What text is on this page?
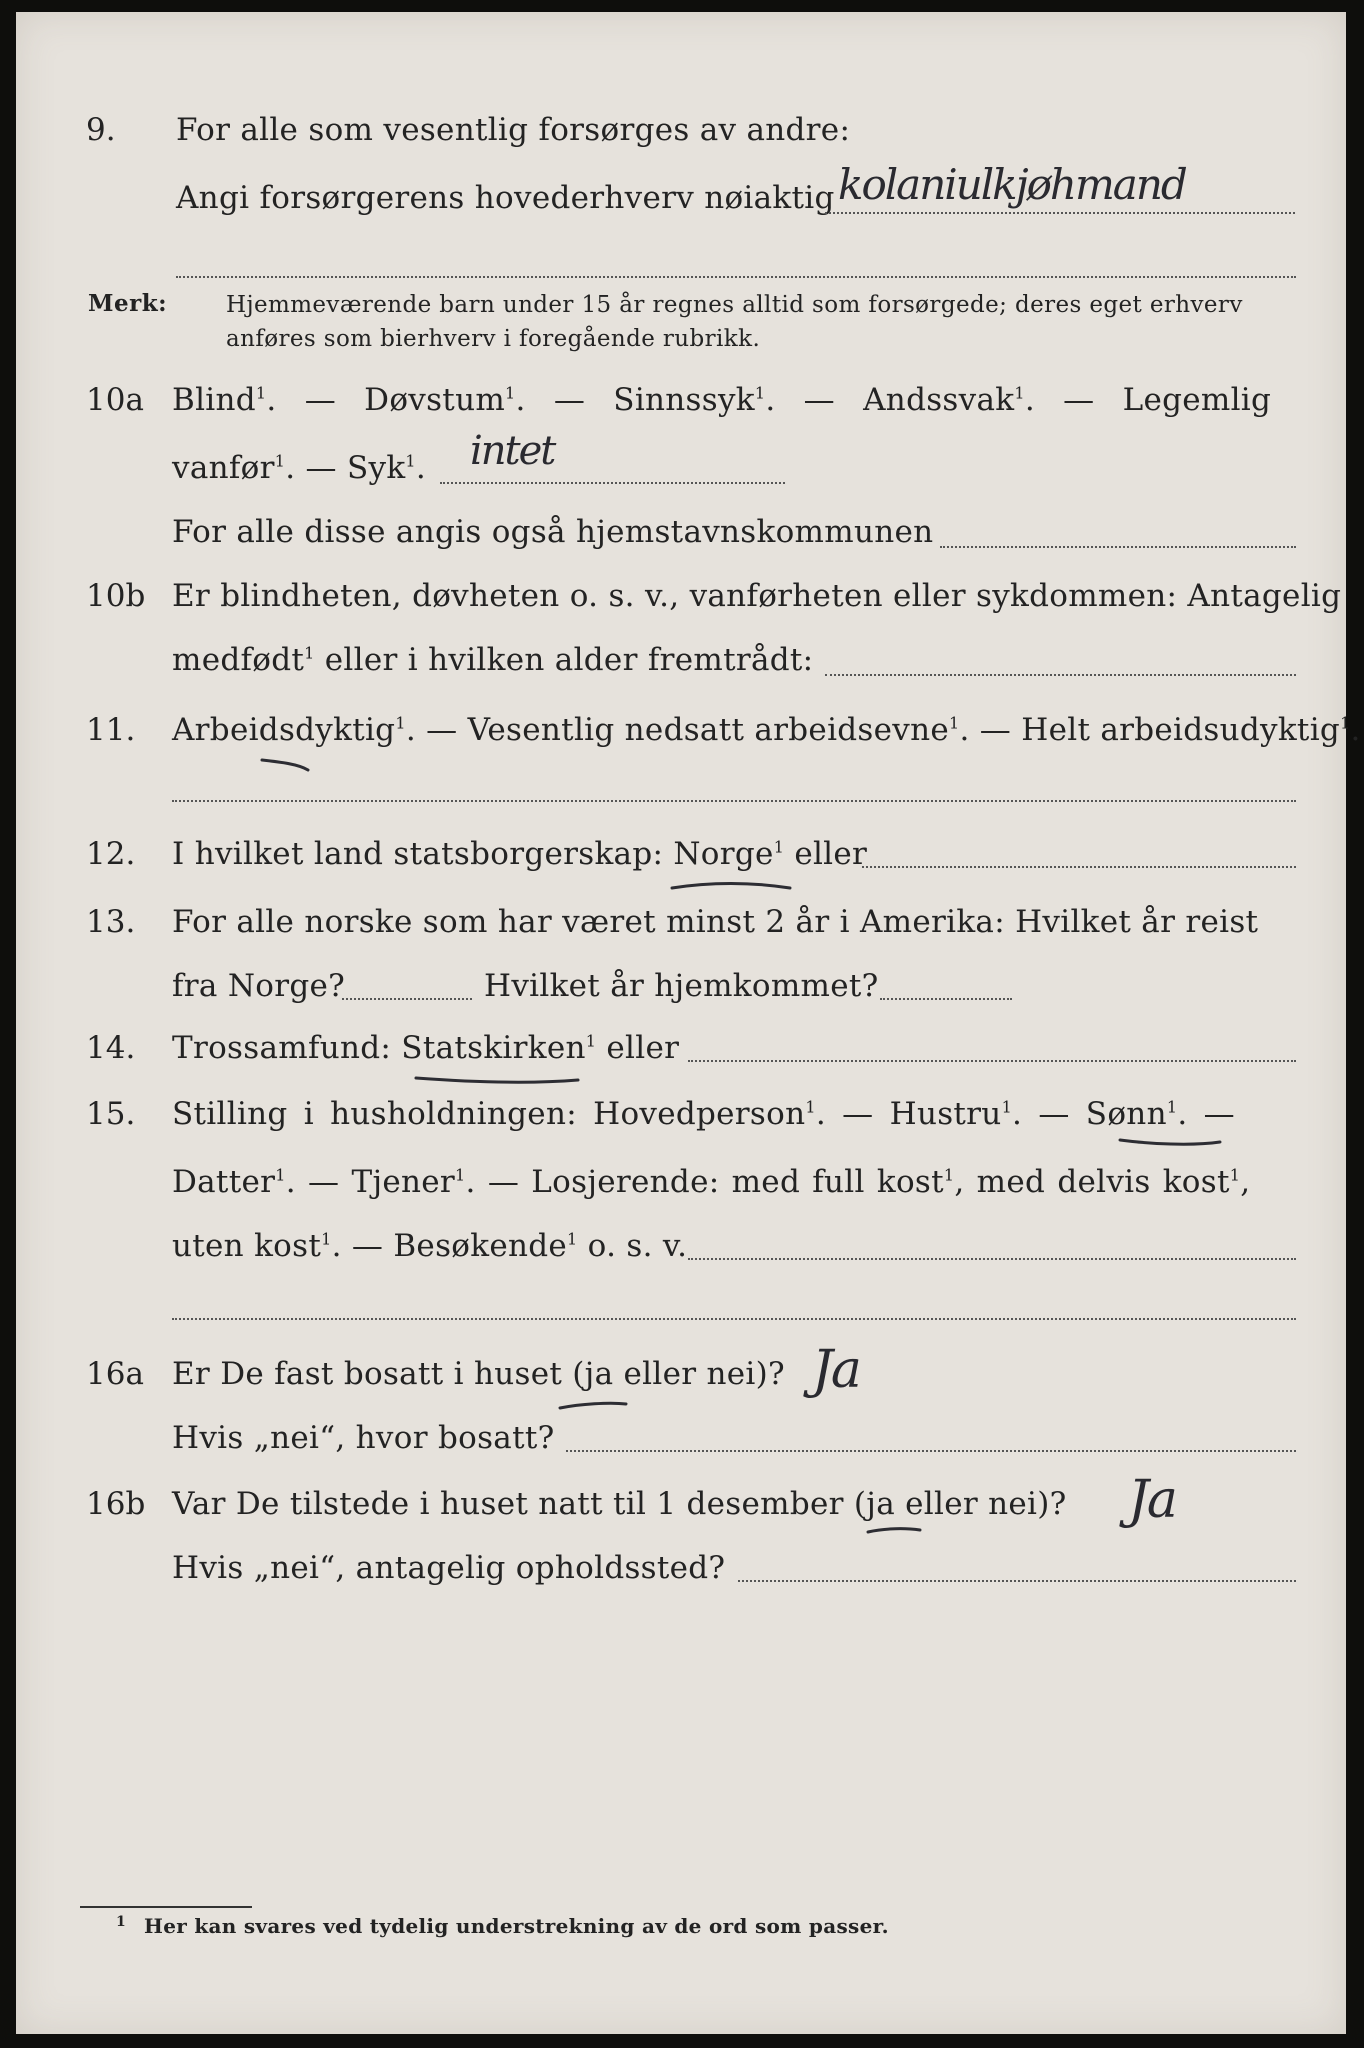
9. For alle som vesentlig forsørges av andre:
Angi forsørgerens hovederhverv nøiaktig kolaniulkjøhmand
Merk:	Hjemmeværende barn under 15 år regnes alltid som forsørgede; deres eget erhverv
anføres som bierhverv i foregående rubrikk.
10a Blind$^1$. — Døvstum$^1$. — Sinnssyk$^1$. — Andssvak$^1$. — Legemlig
vanfør$^1$. — Syk$^1$. intet
For alle disse angis også hjemstavnskommunen
10b Er blindheten, døvheten o. s. v., vanførheten eller sykdommen: Antagelig
medfødt$^1$ eller i hvilken alder fremtrådt:
11. Arbeidsdyktig$^1$. — Vesentlig nedsatt arbeidsevne$^1$. — Helt arbeidsudyktig$^1$.
12. I hvilket land statsborgerskap: Norge$^1$ eller
13. For alle norske som har været minst 2 år i Amerika: Hvilket år reist
fra Norge?	Hvilket år hjemkommet?
14. Trossamfund: Statskirken$^1$ eller
15. Stilling i husholdningen: Hovedperson$^1$. — Hustru$^1$. — Sønn$^1$. —
Datter$^1$. — Tjener$^1$. — Losjerende: med full kost$^1$, med delvis kost$^1$,
uten kost$^1$. — Besøkende$^1$ o. s. v.
16a Er De fast bosatt i huset (ja eller nei)? Ja
Hvis „nei“, hvor bosatt?
16b Var De tilstede i huset natt til 1 desember (ja eller nei)? Ja
Hvis „nei“, antagelig opholdssted?
1 Her kan svares ved tydelig understrekning av de ord som passer.
